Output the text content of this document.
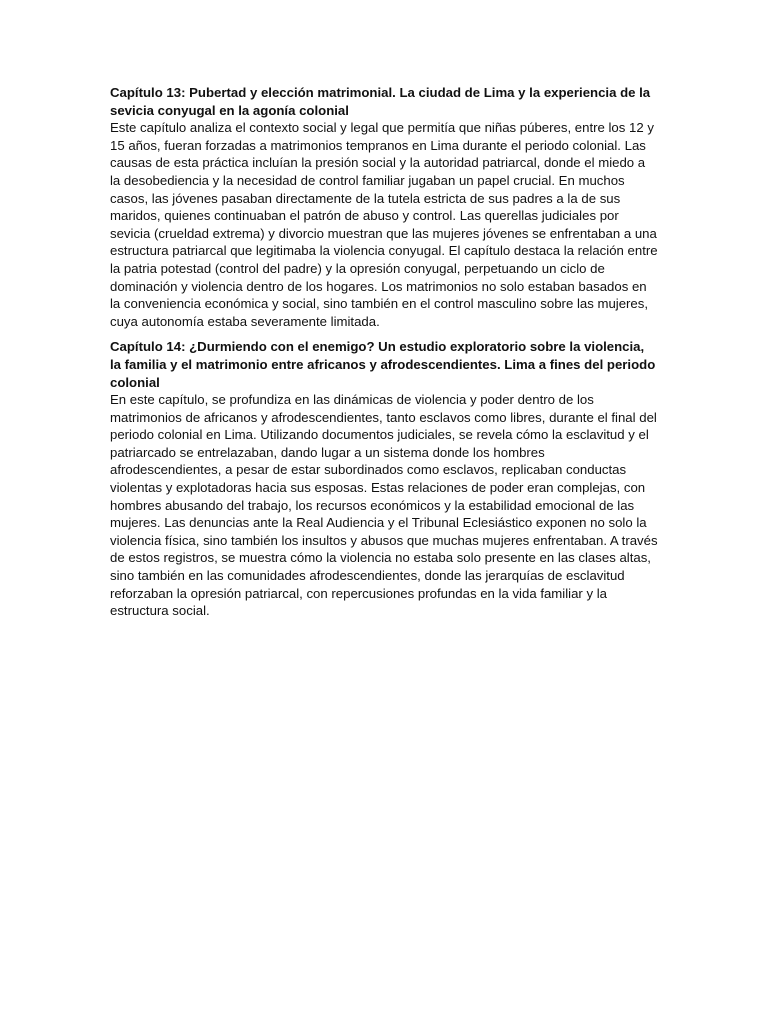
Capítulo 13: Pubertad y elección matrimonial. La ciudad de Lima y la experiencia de la sevicia conyugal en la agonía colonial

Este capítulo analiza el contexto social y legal que permitía que niñas púberes, entre los 12 y 15 años, fueran forzadas a matrimonios tempranos en Lima durante el periodo colonial. Las causas de esta práctica incluían la presión social y la autoridad patriarcal, donde el miedo a la desobediencia y la necesidad de control familiar jugaban un papel crucial. En muchos casos, las jóvenes pasaban directamente de la tutela estricta de sus padres a la de sus maridos, quienes continuaban el patrón de abuso y control. Las querellas judiciales por sevicia (crueldad extrema) y divorcio muestran que las mujeres jóvenes se enfrentaban a una estructura patriarcal que legitimaba la violencia conyugal. El capítulo destaca la relación entre la patria potestad (control del padre) y la opresión conyugal, perpetuando un ciclo de dominación y violencia dentro de los hogares. Los matrimonios no solo estaban basados en la conveniencia económica y social, sino también en el control masculino sobre las mujeres, cuya autonomía estaba severamente limitada.

Capítulo 14: ¿Durmiendo con el enemigo? Un estudio exploratorio sobre la violencia, la familia y el matrimonio entre africanos y afrodescendientes. Lima a fines del periodo colonial

En este capítulo, se profundiza en las dinámicas de violencia y poder dentro de los matrimonios de africanos y afrodescendientes, tanto esclavos como libres, durante el final del periodo colonial en Lima. Utilizando documentos judiciales, se revela cómo la esclavitud y el patriarcado se entrelazaban, dando lugar a un sistema donde los hombres afrodescendientes, a pesar de estar subordinados como esclavos, replicaban conductas violentas y explotadoras hacia sus esposas. Estas relaciones de poder eran complejas, con hombres abusando del trabajo, los recursos económicos y la estabilidad emocional de las mujeres. Las denuncias ante la Real Audiencia y el Tribunal Eclesiástico exponen no solo la violencia física, sino también los insultos y abusos que muchas mujeres enfrentaban. A través de estos registros, se muestra cómo la violencia no estaba solo presente en las clases altas, sino también en las comunidades afrodescendientes, donde las jerarquías de esclavitud reforzaban la opresión patriarcal, con repercusiones profundas en la vida familiar y la estructura social.
